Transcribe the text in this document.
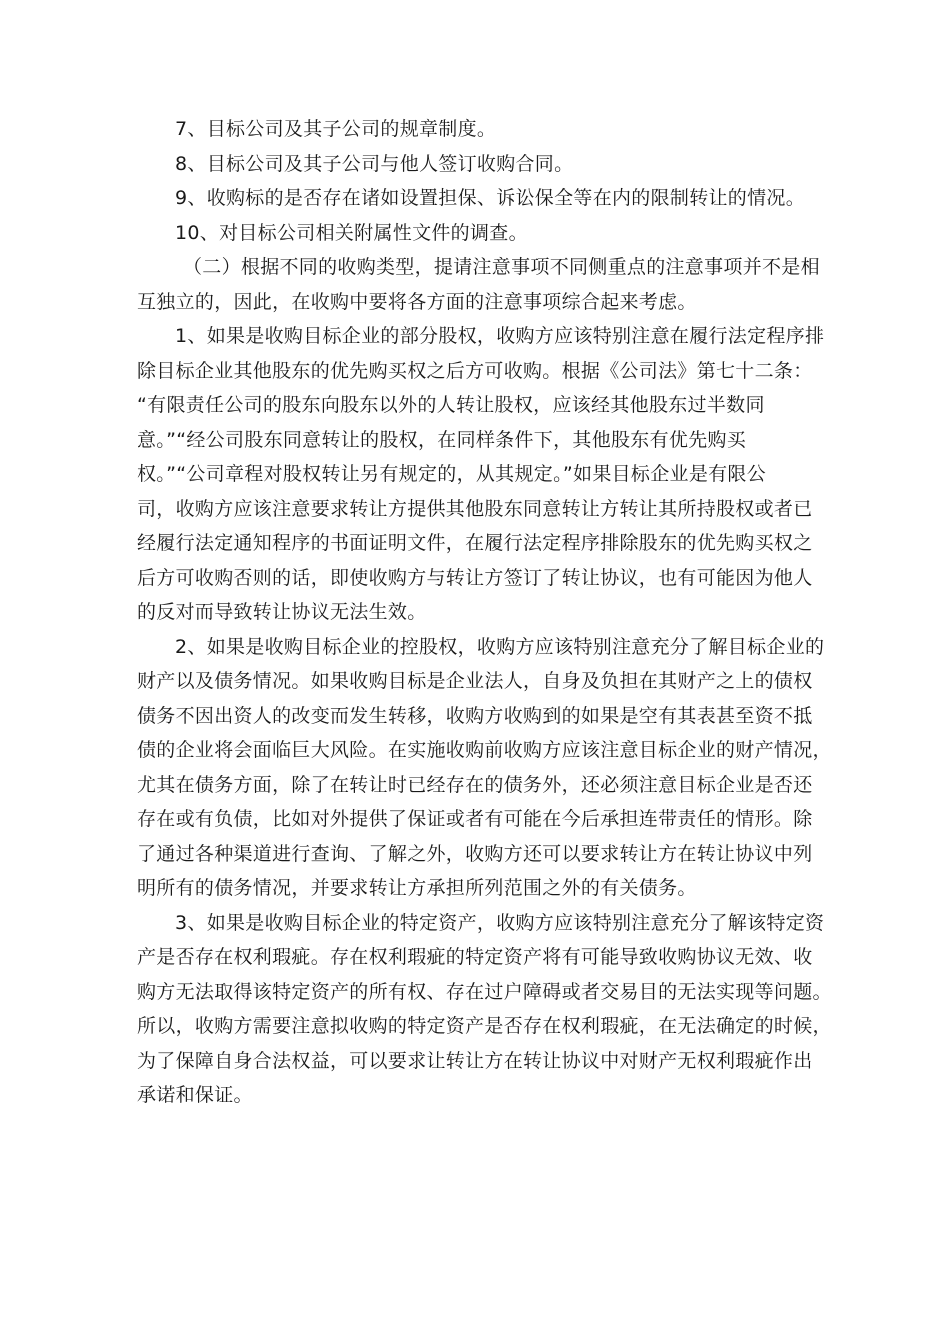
7、目标公司及其子公司的规章制度。
8、目标公司及其子公司与他人签订收购合同。
9、收购标的是否存在诸如设置担保、诉讼保全等在内的限制转让的情况。
10、对目标公司相关附属性文件的调查。
（二）根据不同的收购类型，提请注意事项不同侧重点的注意事项并不是相
互独立的，因此，在收购中要将各方面的注意事项综合起来考虑。
1、如果是收购目标企业的部分股权，收购方应该特别注意在履行法定程序排
除目标企业其他股东的优先购买权之后方可收购。根据《公司法》第七十二条：
“有限责任公司的股东向股东以外的人转让股权，应该经其他股东过半数同
意。”“经公司股东同意转让的股权，在同样条件下，其他股东有优先购买
权。”“公司章程对股权转让另有规定的，从其规定。”如果目标企业是有限公
司，收购方应该注意要求转让方提供其他股东同意转让方转让其所持股权或者已
经履行法定通知程序的书面证明文件，在履行法定程序排除股东的优先购买权之
后方可收购否则的话，即使收购方与转让方签订了转让协议，也有可能因为他人
的反对而导致转让协议无法生效。
2、如果是收购目标企业的控股权，收购方应该特别注意充分了解目标企业的
财产以及债务情况。如果收购目标是企业法人，自身及负担在其财产之上的债权
债务不因出资人的改变而发生转移，收购方收购到的如果是空有其表甚至资不抵
债的企业将会面临巨大风险。在实施收购前收购方应该注意目标企业的财产情况，
尤其在债务方面，除了在转让时已经存在的债务外，还必须注意目标企业是否还
存在或有负债，比如对外提供了保证或者有可能在今后承担连带责任的情形。除
了通过各种渠道进行查询、了解之外，收购方还可以要求转让方在转让协议中列
明所有的债务情况，并要求转让方承担所列范围之外的有关债务。
3、如果是收购目标企业的特定资产，收购方应该特别注意充分了解该特定资
产是否存在权利瑕疵。存在权利瑕疵的特定资产将有可能导致收购协议无效、收
购方无法取得该特定资产的所有权、存在过户障碍或者交易目的无法实现等问题。
所以，收购方需要注意拟收购的特定资产是否存在权利瑕疵，在无法确定的时候，
为了保障自身合法权益，可以要求让转让方在转让协议中对财产无权利瑕疵作出
承诺和保证。
